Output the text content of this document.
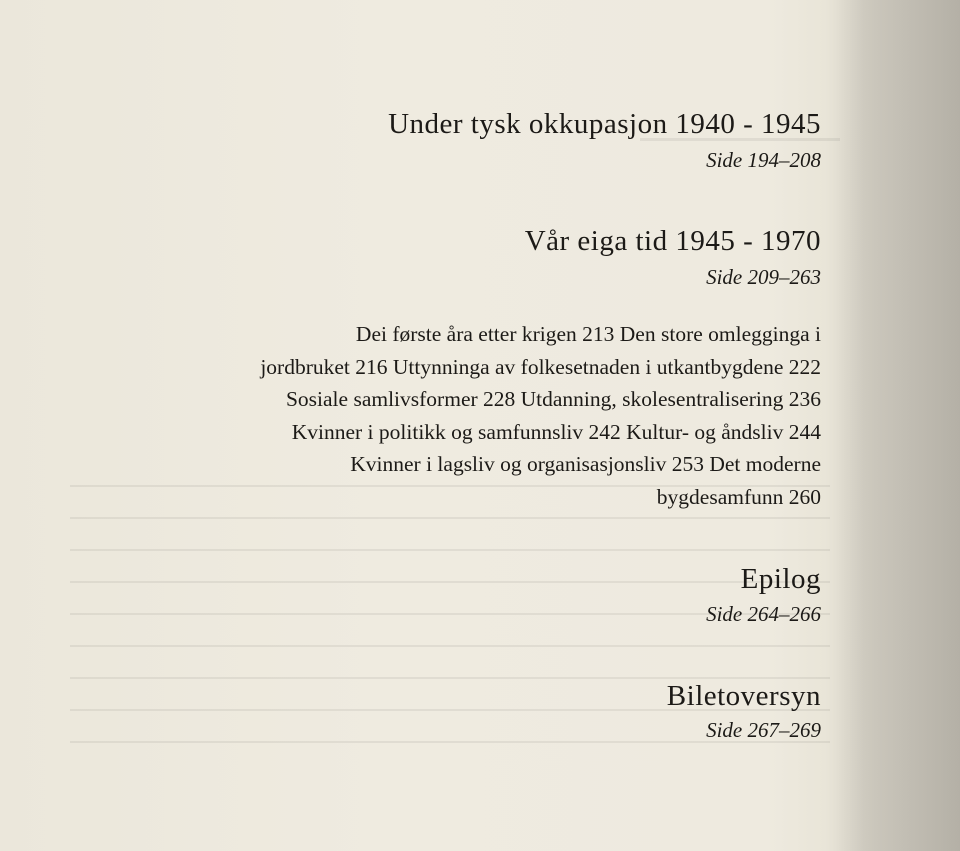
Under tysk okkupasjon 1940 - 1945
Side 194–208
Vår eiga tid 1945 - 1970
Side 209–263
Dei første åra etter krigen 213 Den store omlegginga i
jordbruket 216 Uttynninga av folkesetnaden i utkantbygdene 222
Sosiale samlivsformer 228 Utdanning, skolesentralisering 236
Kvinner i politikk og samfunnsliv 242 Kultur- og åndsliv 244
Kvinner i lagsliv og organisasjonsliv 253 Det moderne
bygdesamfunn 260
Epilog
Side 264–266
Biletoversyn
Side 267–269
